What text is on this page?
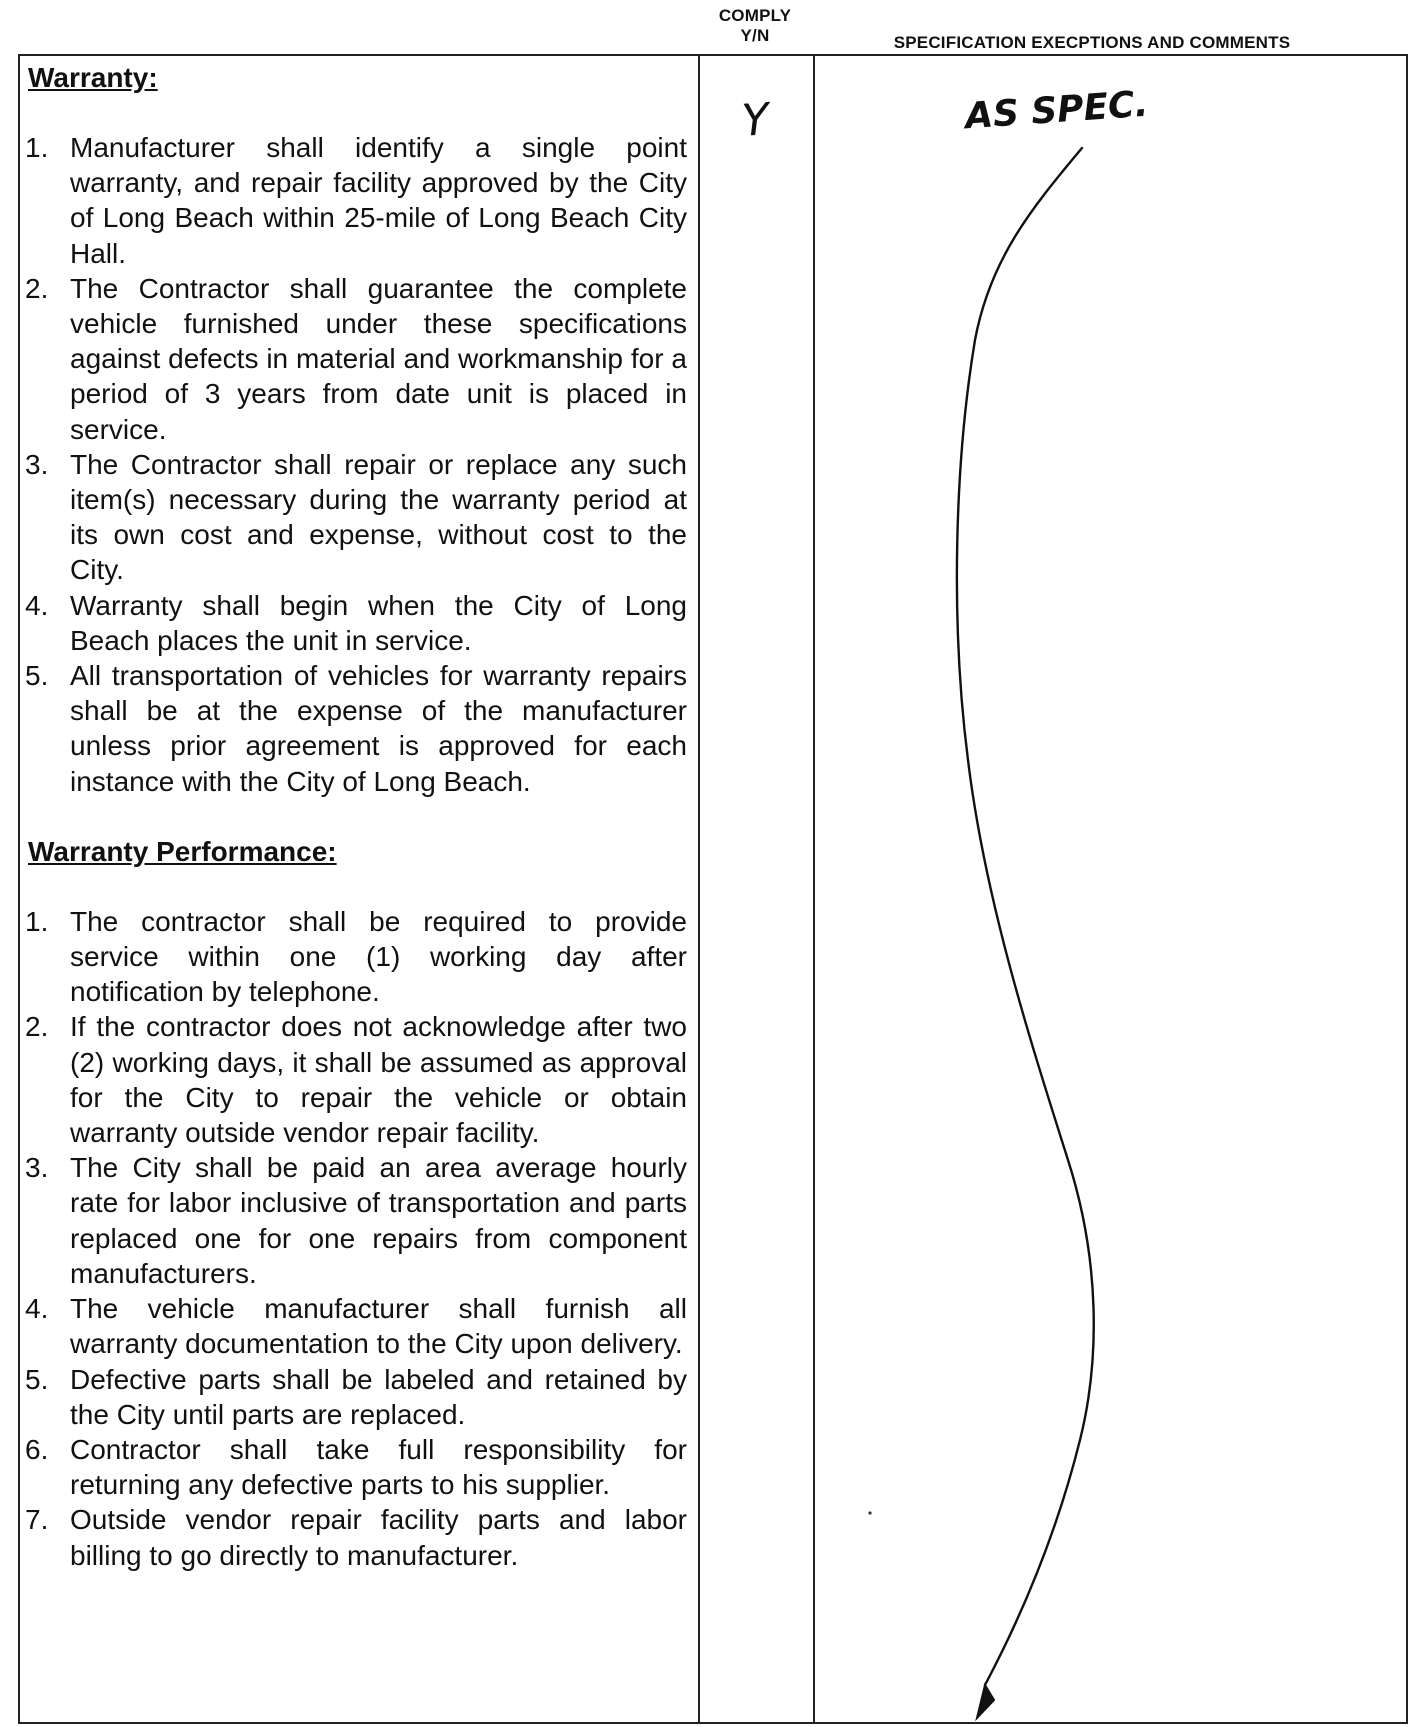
COMPLY
Y/N	SPECIFICATION EXECPTIONS AND COMMENTS
Warranty:
1. Manufacturer shall identify a single point warranty, and repair facility approved by the City of Long Beach within 25-mile of Long Beach City Hall.
2. The Contractor shall guarantee the complete vehicle furnished under these specifications against defects in material and workmanship for a period of 3 years from date unit is placed in service.
3. The Contractor shall repair or replace any such item(s) necessary during the warranty period at its own cost and expense, without cost to the City.
4. Warranty shall begin when the City of Long Beach places the unit in service.
5. All transportation of vehicles for warranty repairs shall be at the expense of the manufacturer unless prior agreement is approved for each instance with the City of Long Beach.
Warranty Performance:
1. The contractor shall be required to provide service within one (1) working day after notification by telephone.
2. If the contractor does not acknowledge after two (2) working days, it shall be assumed as approval for the City to repair the vehicle or obtain warranty outside vendor repair facility.
3. The City shall be paid an area average hourly rate for labor inclusive of transportation and parts replaced one for one repairs from component manufacturers.
4. The vehicle manufacturer shall furnish all warranty documentation to the City upon delivery.
5. Defective parts shall be labeled and retained by the City until parts are replaced.
6. Contractor shall take full responsibility for returning any defective parts to his supplier.
7. Outside vendor repair facility parts and labor billing to go directly to manufacturer.
Y	AS SPEC.
